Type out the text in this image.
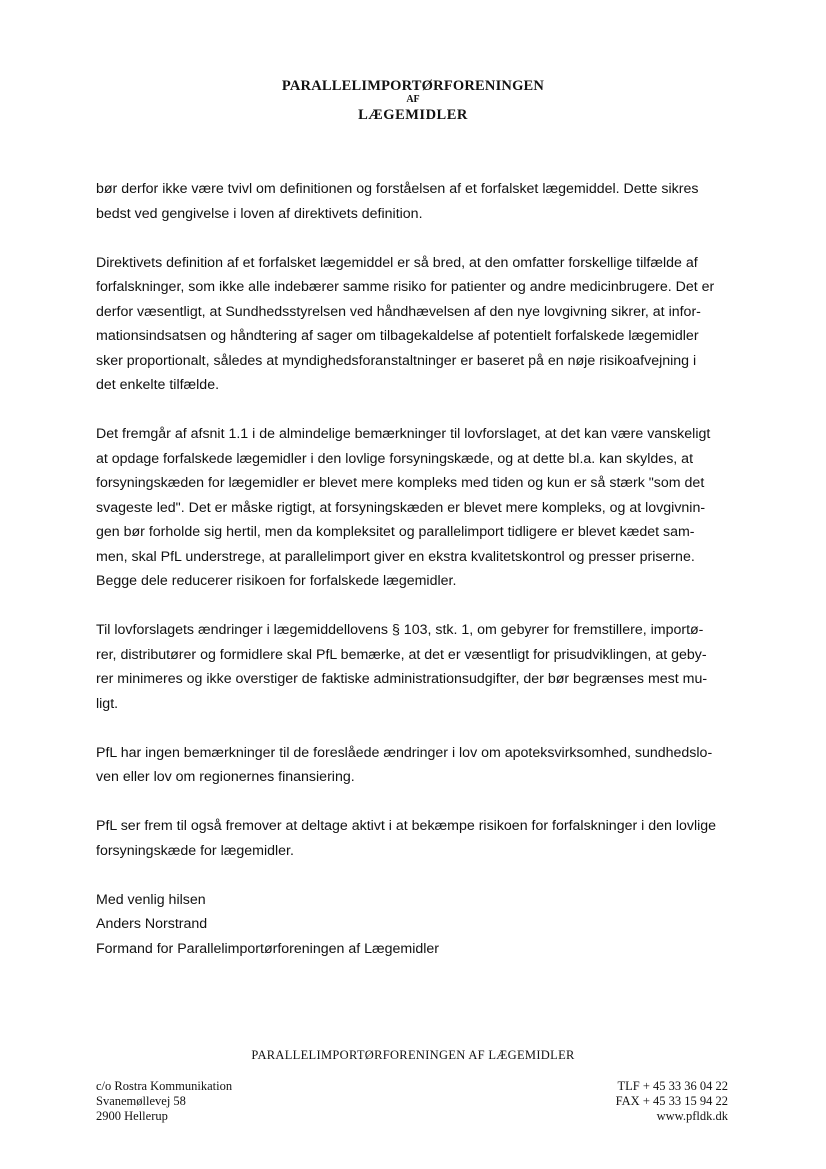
PARALLELIMPORTØRFORENINGEN
AF
LÆGEMIDLER

bør derfor ikke være tvivl om definitionen og forståelsen af et forfalsket lægemiddel. Dette sikres
bedst ved gengivelse i loven af direktivets definition.

Direktivets definition af et forfalsket lægemiddel er så bred, at den omfatter forskellige tilfælde af
forfalskninger, som ikke alle indebærer samme risiko for patienter og andre medicinbrugere. Det er
derfor væsentligt, at Sundhedsstyrelsen ved håndhævelsen af den nye lovgivning sikrer, at infor-
mationsindsatsen og håndtering af sager om tilbagekaldelse af potentielt forfalskede lægemidler
sker proportionalt, således at myndighedsforanstaltninger er baseret på en nøje risikoafvejning i
det enkelte tilfælde.

Det fremgår af afsnit 1.1 i de almindelige bemærkninger til lovforslaget, at det kan være vanskeligt
at opdage forfalskede lægemidler i den lovlige forsyningskæde, og at dette bl.a. kan skyldes, at
forsyningskæden for lægemidler er blevet mere kompleks med tiden og kun er så stærk "som det
svageste led". Det er måske rigtigt, at forsyningskæden er blevet mere kompleks, og at lovgivnin-
gen bør forholde sig hertil, men da kompleksitet og parallelimport tidligere er blevet kædet sam-
men, skal PfL understrege, at parallelimport giver en ekstra kvalitetskontrol og presser priserne.
Begge dele reducerer risikoen for forfalskede lægemidler.

Til lovforslagets ændringer i lægemiddellovens § 103, stk. 1, om gebyrer for fremstillere, importø-
rer, distributører og formidlere skal PfL bemærke, at det er væsentligt for prisudviklingen, at geby-
rer minimeres og ikke overstiger de faktiske administrationsudgifter, der bør begrænses mest mu-
ligt.

PfL har ingen bemærkninger til de foreslåede ændringer i lov om apoteksvirksomhed, sundhedslo-
ven eller lov om regionernes finansiering.

PfL ser frem til også fremover at deltage aktivt i at bekæmpe risikoen for forfalskninger i den lovlige
forsyningskæde for lægemidler.

Med venlig hilsen
Anders Norstrand
Formand for Parallelimportørforeningen af Lægemidler

PARALLELIMPORTØRFORENINGEN AF LÆGEMIDLER
c/o Rostra Kommunikation
Svanemøllevej 58
2900 Hellerup
TLF + 45 33 36 04 22
FAX + 45 33 15 94 22
www.pfldk.dk
